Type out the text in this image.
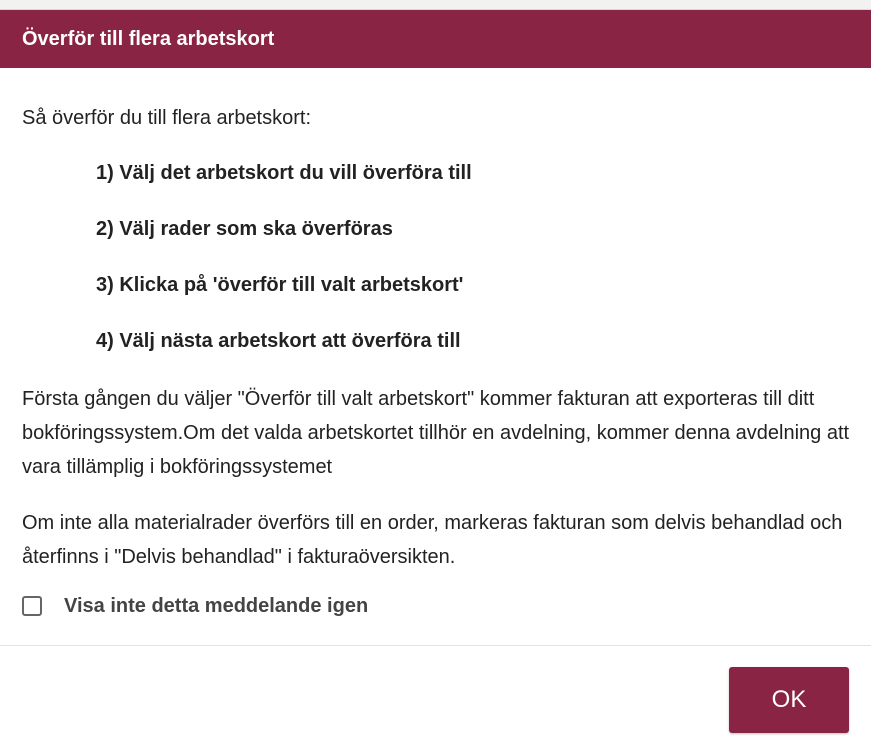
Överför till flera arbetskort
Så överför du till flera arbetskort:
1) Välj det arbetskort du vill överföra till
2) Välj rader som ska överföras
3) Klicka på 'överför till valt arbetskort'
4) Välj nästa arbetskort att överföra till

Första gången du väljer "Överför till valt arbetskort" kommer fakturan att exporteras till ditt bokföringssystem.Om det valda arbetskortet tillhör en avdelning, kommer denna avdelning att vara tillämplig i bokföringssystemet

Om inte alla materialrader överförs till en order, markeras fakturan som delvis behandlad och återfinns i "Delvis behandlad" i fakturaöversikten.

Visa inte detta meddelande igen
OK
